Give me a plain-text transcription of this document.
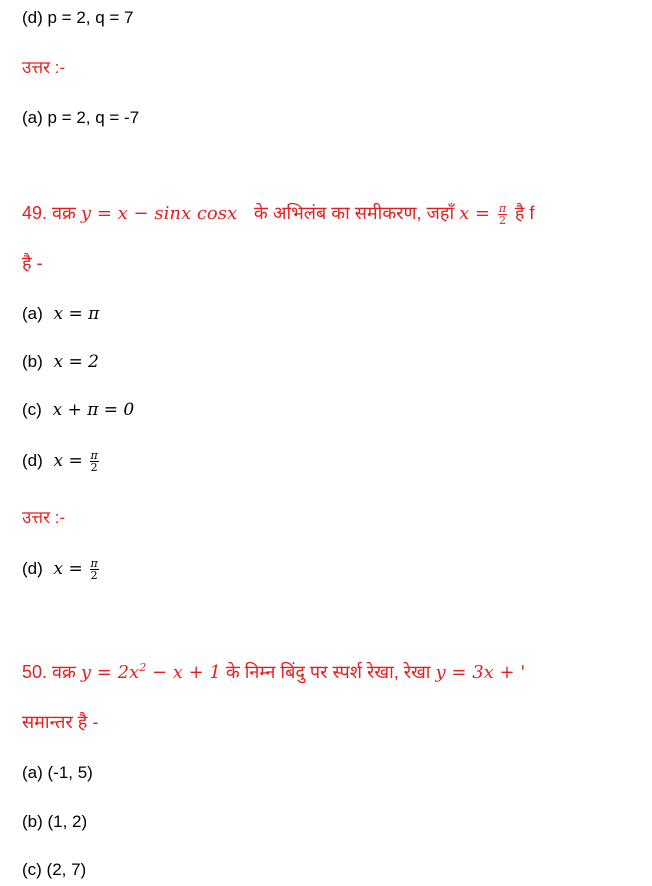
(d) p = 2, q = 7
उत्तर :-
(a) p = 2, q = -7
49. वक्र y = x − sinx cosx के अभिलंब का समीकरण, जहाँ $x = \frac{\pi}{2}$ है f
है -
(a) x = π
(b) x = 2
(c) x + π = 0
(d) $x = \frac{\pi}{2}$
उत्तर :-
(d) $x = \frac{\pi}{2}$
50. वक्र $y = 2x^2 - x + 1$ के निम्न बिंदु पर स्पर्श रेखा, रेखा y = 3x + '
समान्तर है -
(a) (-1, 5)
(b) (1, 2)
(c) (2, 7)
